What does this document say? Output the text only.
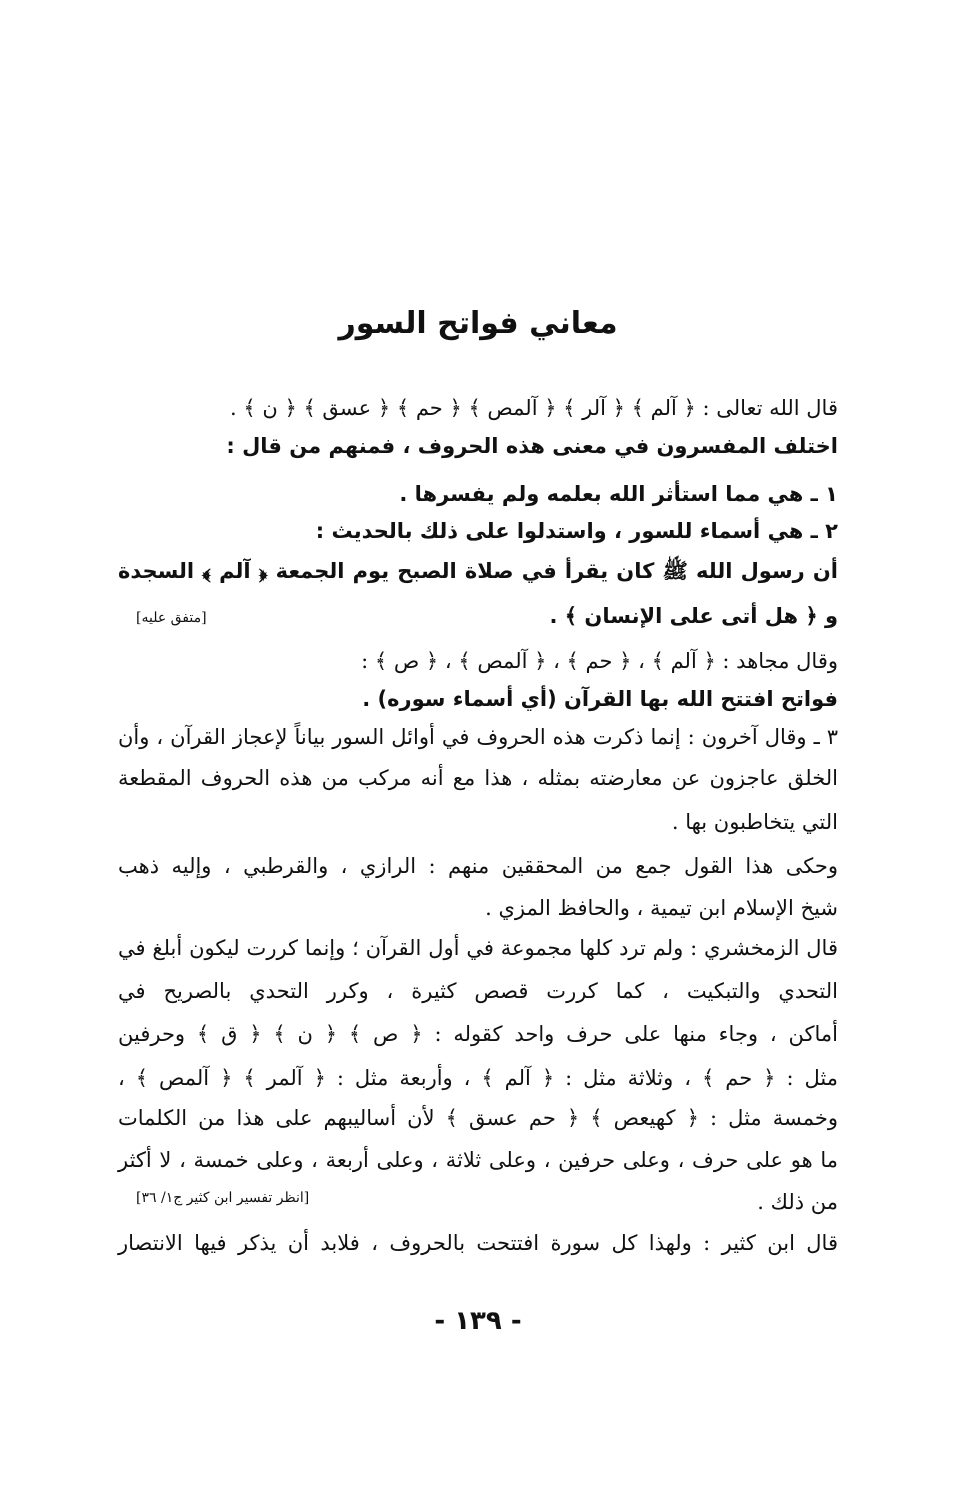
معاني فواتح السور
قال الله تعالى : ﴿ آلم ﴾ ﴿ آلر ﴾ ﴿ آلمص ﴾ ﴿ حم ﴾ ﴿ عسق ﴾ ﴿ ن ﴾ .
اختلف المفسرون في معنى هذه الحروف ، فمنهم من قال :
١ ـ هي مما استأثر الله بعلمه ولم يفسرها .
٢ ـ هي أسماء للسور ، واستدلوا على ذلك بالحديث :
أن رسول الله ﷺ كان يقرأ في صلاة الصبح يوم الجمعة ﴿ آلم ﴾ السجدة
و ﴿ هل أتى على الإنسان ﴾ .
[متفق عليه]
وقال مجاهد : ﴿ آلم ﴾ ، ﴿ حم ﴾ ، ﴿ آلمص ﴾ ، ﴿ ص ﴾ :
فواتح افتتح الله بها القرآن (أي أسماء سوره) .
٣ ـ وقال آخرون : إنما ذكرت هذه الحروف في أوائل السور بياناً لإعجاز القرآن ، وأن
الخلق عاجزون عن معارضته بمثله ، هذا مع أنه مركب من هذه الحروف المقطعة
التي يتخاطبون بها .
وحكى هذا القول جمع من المحققين منهم : الرازي ، والقرطبي ، وإليه ذهب
شيخ الإسلام ابن تيمية ، والحافظ المزي .
قال الزمخشري : ولم ترد كلها مجموعة في أول القرآن ؛ وإنما كررت ليكون أبلغ في
التحدي والتبكيت ، كما كررت قصص كثيرة ، وكرر التحدي بالصريح في
أماكن ، وجاء منها على حرف واحد كقوله : ﴿ ص ﴾ ﴿ ن ﴾ ﴿ ق ﴾ وحرفين
مثل : ﴿ حم ﴾ ، وثلاثة مثل : ﴿ آلم ﴾ ، وأربعة مثل : ﴿ آلمر ﴾ ﴿ آلمص ﴾ ،
وخمسة مثل : ﴿ كهيعص ﴾ ﴿ حم عسق ﴾ لأن أساليبهم على هذا من الكلمات
ما هو على حرف ، وعلى حرفين ، وعلى ثلاثة ، وعلى أربعة ، وعلى خمسة ، لا أكثر
من ذلك .
[انظر تفسير ابن كثير ج١/ ٣٦]
قال ابن كثير : ولهذا كل سورة افتتحت بالحروف ، فلابد أن يذكر فيها الانتصار
- ١٣٩ -
